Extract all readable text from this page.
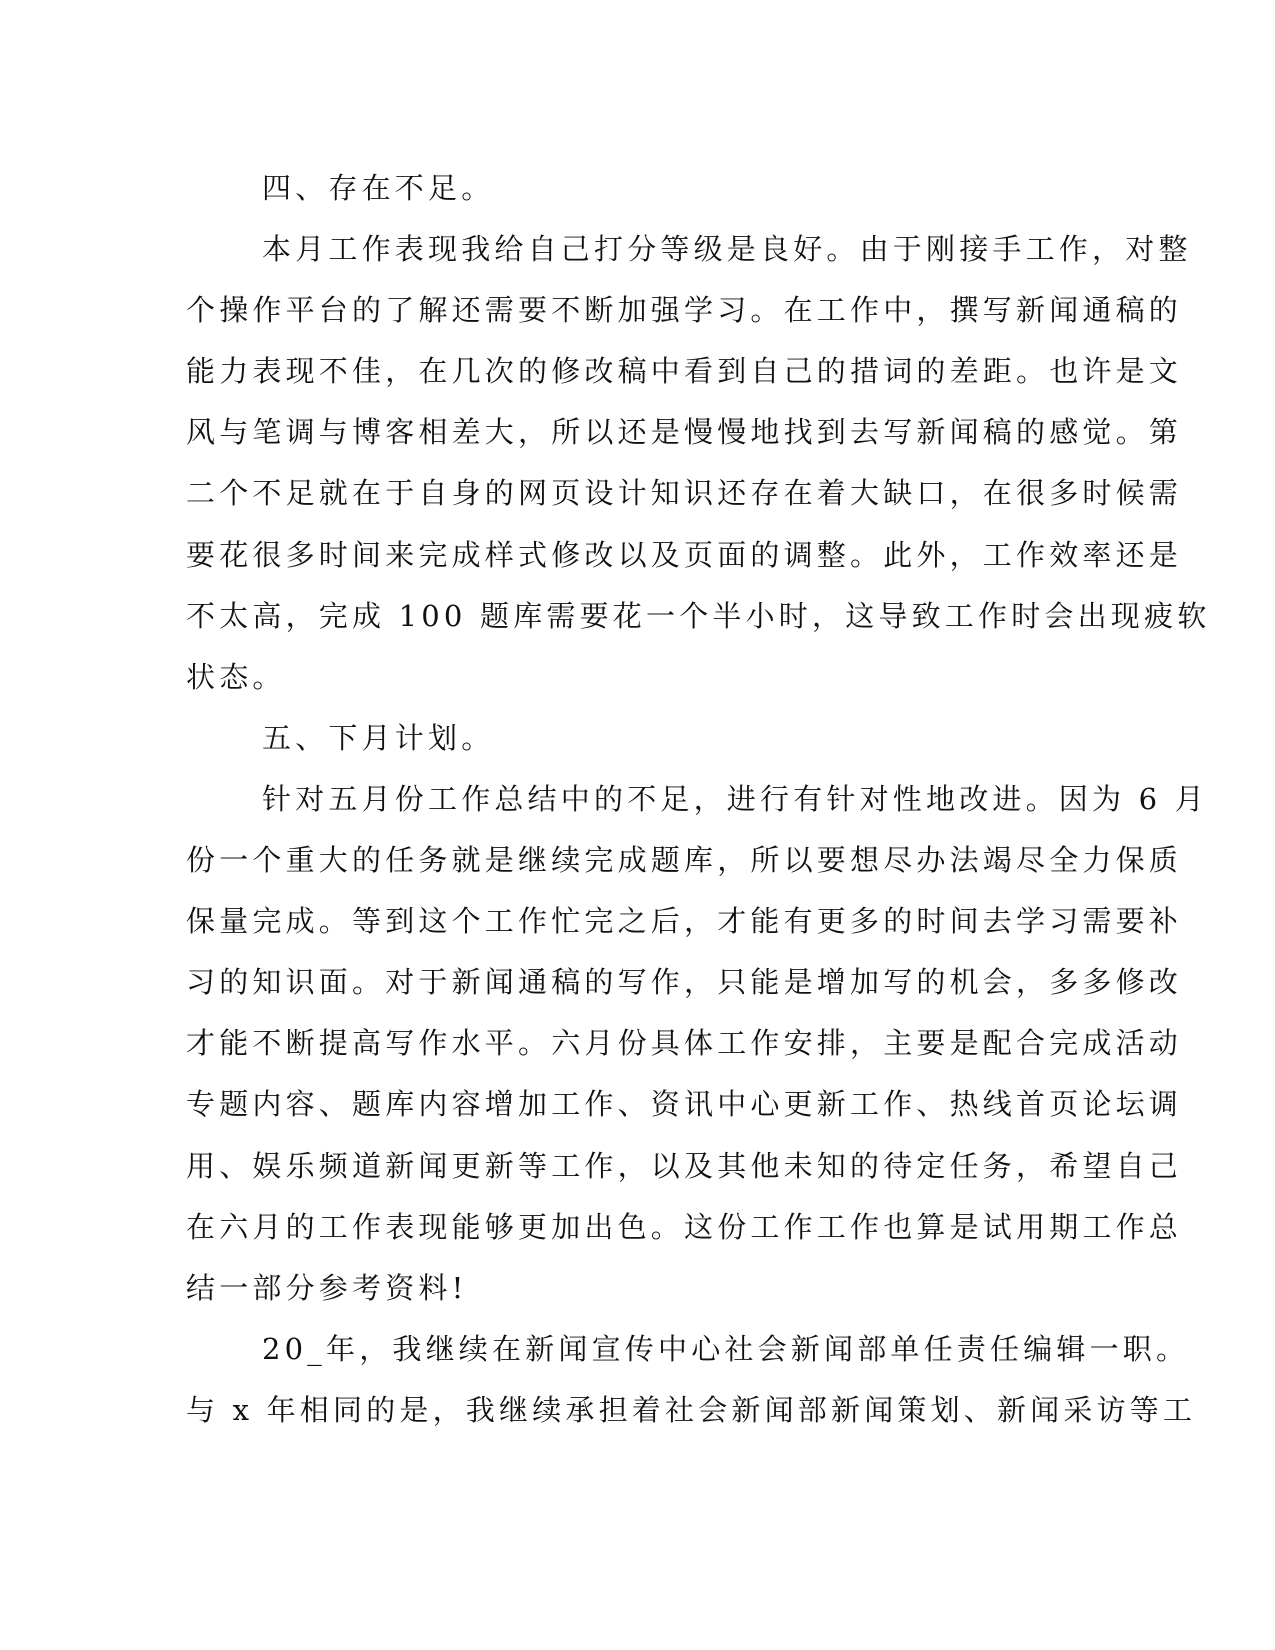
四、存在不足。
本月工作表现我给自己打分等级是良好。由于刚接手工作，对整
个操作平台的了解还需要不断加强学习。在工作中，撰写新闻通稿的
能力表现不佳，在几次的修改稿中看到自己的措词的差距。也许是文
风与笔调与博客相差大，所以还是慢慢地找到去写新闻稿的感觉。第
二个不足就在于自身的网页设计知识还存在着大缺口，在很多时候需
要花很多时间来完成样式修改以及页面的调整。此外，工作效率还是
不太高，完成 100 题库需要花一个半小时，这导致工作时会出现疲软
状态。
五、下月计划。
针对五月份工作总结中的不足，进行有针对性地改进。因为 6 月
份一个重大的任务就是继续完成题库，所以要想尽办法竭尽全力保质
保量完成。等到这个工作忙完之后，才能有更多的时间去学习需要补
习的知识面。对于新闻通稿的写作，只能是增加写的机会，多多修改
才能不断提高写作水平。六月份具体工作安排，主要是配合完成活动
专题内容、题库内容增加工作、资讯中心更新工作、热线首页论坛调
用、娱乐频道新闻更新等工作，以及其他未知的待定任务，希望自己
在六月的工作表现能够更加出色。这份工作工作也算是试用期工作总
结一部分参考资料!
20_年，我继续在新闻宣传中心社会新闻部单任责任编辑一职。
与 x 年相同的是，我继续承担着社会新闻部新闻策划、新闻采访等工
